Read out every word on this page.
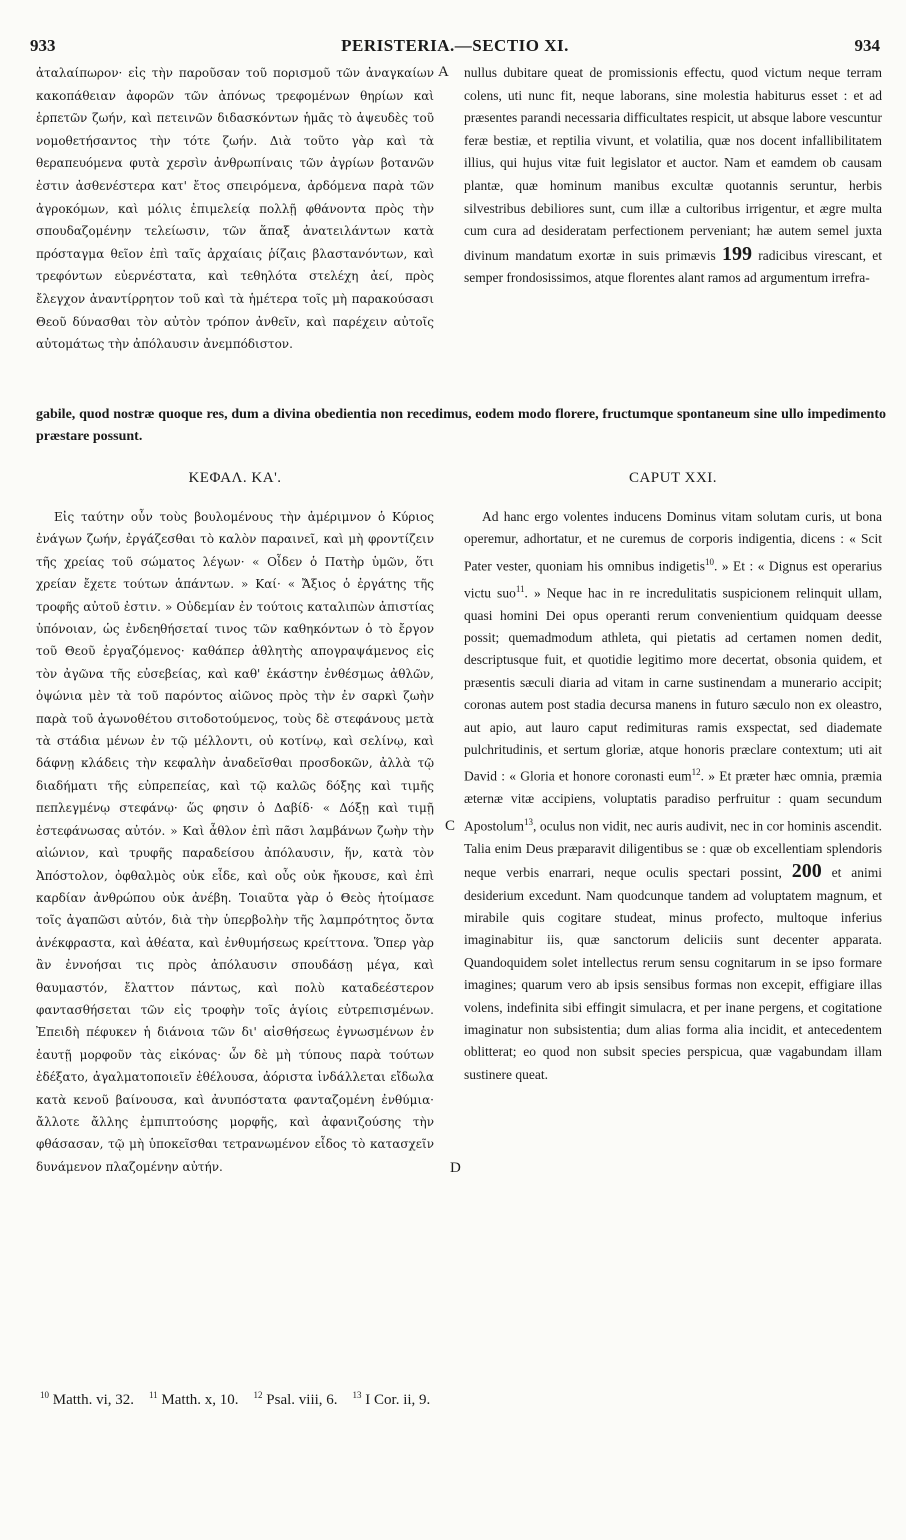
933	PERISTERIA.—SECTIO XI.	934

ἀταλαίπωρον· εἰς τὴν παροῦσαν τοῦ πορισμοῦ τῶν ἀναγκαίων κακοπάθειαν ἀφορῶν τῶν ἀπόνως τρεφομένων θηρίων καὶ ἑρπετῶν ζωήν, καὶ πετεινῶν διδασκόντων ἡμᾶς τὸ ἀψευδὲς τοῦ νομοθετήσαντος τὴν τότε ζωήν. Διὰ τοῦτο γὰρ καὶ τὰ θεραπευόμενα φυτὰ χερσὶν ἀνθρωπίναις τῶν ἀγρίων βοτανῶν ἐστιν ἀσθενέστερα κατ' ἔτος σπειρόμενα, ἀρδόμενα παρὰ τῶν ἀγροκόμων, καὶ μόλις ἐπιμελείᾳ πολλῇ φθάνοντα πρὸς τὴν σπουδαζομένην τελείωσιν, τῶν ἅπαξ ἀνατειλάντων κατὰ πρόσταγμα θεῖον ἐπὶ ταῖς ἀρχαίαις ῥίζαις βλαστανόντων, καὶ τρεφόντων εὐερνέστατα, καὶ τεθηλότα στελέχη ἀεί, πρὸς ἔλεγχον ἀναντίρρητον τοῦ καὶ τὰ ἡμέτερα τοῖς μὴ παρακούσασι Θεοῦ δύνασθαι τὸν αὐτὸν τρόπον ἀνθεῖν, καὶ παρέχειν αὐτοῖς αὐτομάτως τὴν ἀπόλαυσιν ἀνεμπόδιστον.

A nullus dubitare queat de promissionis effectu, quod victum neque terram colens, uti nunc fit, neque laborans, sine molestia habiturus esset : et ad præsentes parandi necessaria difficultates respicit, ut absque labore vescuntur feræ bestiæ, et reptilia vivunt, et volatilia, quæ nos docent infallibilitatem illius, qui hujus vitæ fuit legislator et auctor. Nam et eamdem ob causam plantæ, quæ hominum manibus excultæ quotannis seruntur, herbis silvestribus debiliores sunt, cum illæ a cultoribus irrigentur, et ægre multa cum cura ad desideratam perfectionem perveniant; hæ autem semel juxta divinum mandatum exortæ in suis primævis 199 radicibus virescant, et semper frondosissimos, atque florentes alant ramos ad argumentum irrefra-

gabile, quod nostræ quoque res, dum a divina obedientia non recedimus, eodem modo florere, fructumque spontaneum sine ullo impedimento præstare possunt.
ΚΕΦΑΛ. ΚΑ'.	CAPUT XXI.

Εἰς ταύτην οὖν τοὺς βουλομένους τὴν ἀμέριμνον ὁ Κύριος ἐνάγων ζωήν, ἐργάζεσθαι τὸ καλὸν παραινεῖ, καὶ μὴ φροντίζειν τῆς χρείας τοῦ σώματος λέγων· « Οἶδεν ὁ Πατὴρ ὑμῶν, ὅτι χρείαν ἔχετε τούτων ἁπάντων. » Καί· « Ἄξιος ὁ ἐργάτης τῆς τροφῆς αὐτοῦ ἐστιν. » Οὐδεμίαν ἐν τούτοις καταλιπὼν ἀπιστίας ὑπόνοιαν, ὡς ἐνδεηθήσεταί τινος τῶν καθηκόντων ὁ τὸ ἔργον τοῦ Θεοῦ ἐργαζόμενος· καθάπερ ἀθλητὴς απογραψάμενος εἰς τὸν ἀγῶνα τῆς εὐσεβείας, καὶ καθ' ἑκάστην ἐνθέσμως ἀθλῶν, ὀψώνια μὲν τὰ τοῦ παρόντος αἰῶνος πρὸς τὴν ἐν σαρκὶ ζωὴν παρὰ τοῦ ἀγωνοθέτου σιτοδοτούμενος, τοὺς δὲ στεφάνους μετὰ τὰ στάδια μένων ἐν τῷ μέλλοντι, οὐ κοτίνῳ, καὶ σελίνῳ, καὶ δάφνῃ κλάδεις τὴν κεφαλὴν ἀναδεῖσθαι προσδοκῶν, ἀλλὰ τῷ διαδήματι τῆς εὐπρεπείας, καὶ τῷ καλῶς δόξης καὶ τιμῆς πεπλεγμένῳ στεφάνῳ· ὥς φησιν ὁ Δαβίδ· « Δόξῃ καὶ τιμῇ ἐστεφάνωσας αὐτόν. » Καὶ ἆθλον ἐπὶ πᾶσι λαμβάνων ζωὴν τὴν αἰώνιον, καὶ τρυφῆς παραδείσου ἀπόλαυσιν, ἥν, κατὰ τὸν Ἀπόστολον, ὀφθαλμὸς οὐκ εἶδε, καὶ οὖς οὐκ ἤκουσε, καὶ ἐπὶ καρδίαν ἀνθρώπου οὐκ ἀνέβη. Τοιαῦτα γὰρ ὁ Θεὸς ἡτοίμασε τοῖς ἀγαπῶσι αὐτόν, διὰ τὴν ὑπερβολὴν τῆς λαμπρότητος ὄντα ἀνέκφραστα, καὶ ἀθέατα, καὶ ἐνθυμήσεως κρείττονα. Ὅπερ γὰρ ἂν ἐννοήσαι τις πρὸς ἀπόλαυσιν σπουδάσῃ μέγα, καὶ θαυμαστόν, ἔλαττον πάντως, καὶ πολὺ καταδεέστερον φαντασθήσεται τῶν εἰς τροφὴν τοῖς ἁγίοις εὐτρεπισμένων. Ἐπειδὴ πέφυκεν ἡ διάνοια τῶν δι' αἰσθήσεως ἐγνωσμένων ἐν ἑαυτῇ μορφοῦν τὰς εἰκόνας· ὧν δὲ μὴ τύπους παρὰ τούτων ἐδέξατο, ἀγαλματοποιεῖν ἐθέλουσα, ἀόριστα ἰνδάλλεται εἴδωλα κατὰ κενοῦ βαίνουσα, καὶ ἀνυπόστατα φανταζομένη ἐνθύμια· ἄλλοτε ἄλλης ἐμπιπτούσης μορφῆς, καὶ ἀφανιζούσης τὴν φθάσασαν, τῷ μὴ ὑποκεῖσθαι τετρανωμένον εἶδος τὸ κατασχεῖν δυνάμενον πλαζομένην αὐτήν.

C
D

Ad hanc ergo volentes inducens Dominus vitam solutam curis, ut bona operemur, adhortatur, et ne curemus de corporis indigentia, dicens : « Scit Pater vester, quoniam his omnibus indigetis$^{10}$. » Et : « Dignus est operarius victu suo$^{11}$. » Neque hac in re incredulitatis suspicionem relinquit ullam, quasi homini Dei opus operanti rerum convenientium quidquam deesse possit; quemadmodum athleta, qui pietatis ad certamen nomen dedit, descriptusque fuit, et quotidie legitimo more decertat, obsonia quidem, et præsentis sæculi diaria ad vitam in carne sustinendam a munerario accipit; coronas autem post stadia decursa manens in futuro sæculo non ex oleastro, aut apio, aut lauro caput redimituras ramis exspectat, sed diademate pulchritudinis, et sertum gloriæ, atque honoris præclare contextum; uti ait David : « Gloria et honore coronasti eum$^{12}$. » Et præter hæc omnia, præmia æternæ vitæ accipiens, voluptatis paradiso perfruitur : quam secundum Apostolum$^{13}$, oculus non vidit, nec auris audivit, nec in cor hominis ascendit. Talia enim Deus præparavit diligentibus se : quæ ob excellentiam splendoris neque verbis enarrari, neque oculis spectari possint, 200 et animi desiderium excedunt. Nam quodcunque tandem ad voluptatem magnum, et mirabile quis cogitare studeat, minus profecto, multoque inferius imaginabitur iis, quæ sanctorum deliciis sunt decenter apparata. Quandoquidem solet intellectus rerum sensu cognitarum in se ipso formare imagines; quarum vero ab ipsis sensibus formas non excepit, effigiare illas volens, indefinita sibi effingit simulacra, et per inane pergens, et cogitatione imaginatur non subsistentia; dum alias forma alia incidit, et antecedentem oblitterat; eo quod non subsit species perspicua, quæ vagabundam illam sustinere queat.

$^{10}$ Matth. vi, 32. $^{11}$ Matth. x, 10. $^{12}$ Psal. viii, 6. $^{13}$ I Cor. ii, 9.
